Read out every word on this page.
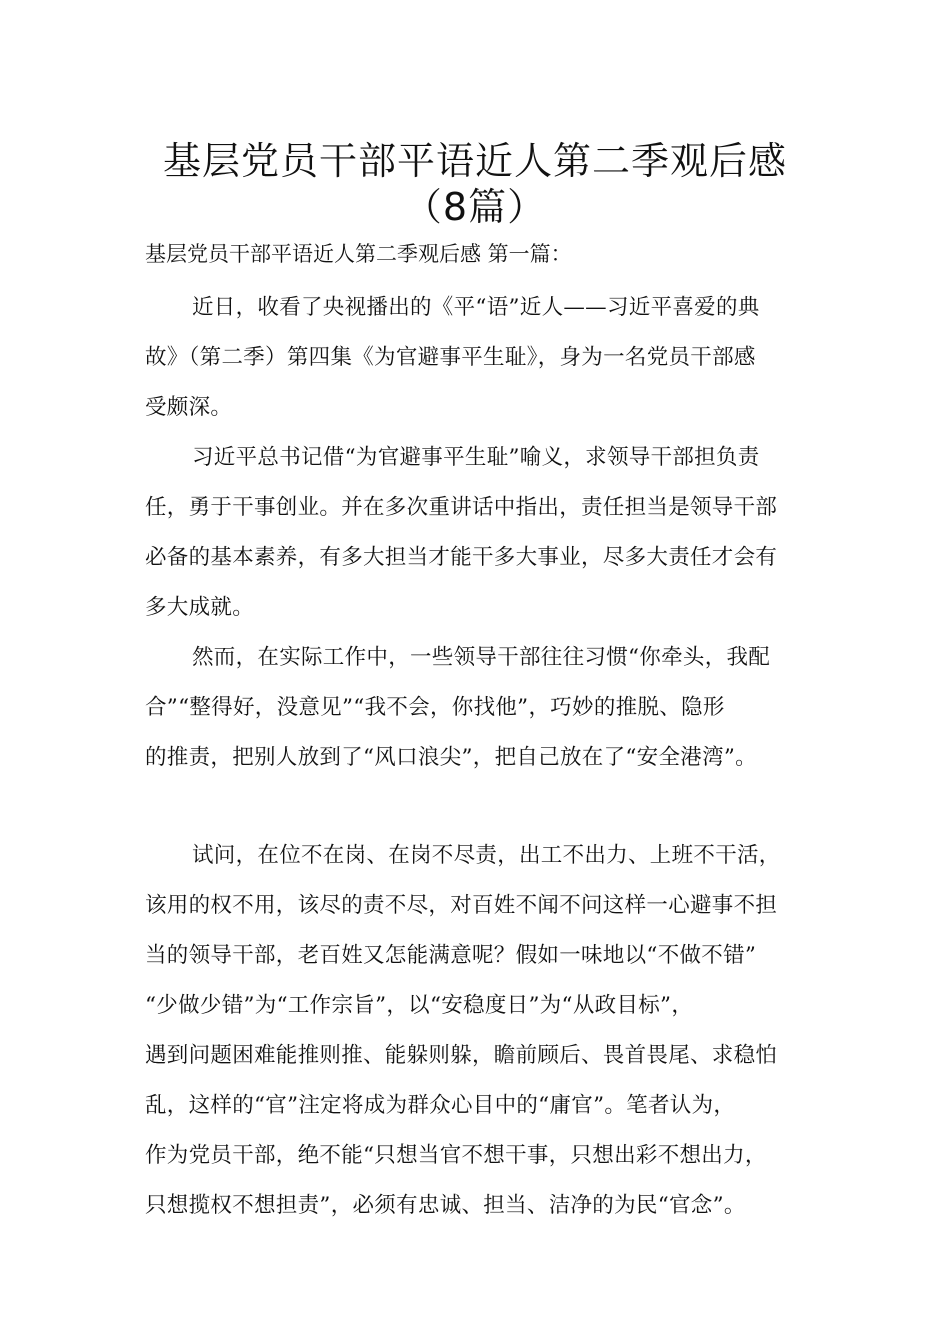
基层党员干部平语近人第二季观后感
（8篇）
基层党员干部平语近人第二季观后感 第一篇：
近日，收看了央视播出的《平“语”近人——习近平喜爱的典
故》（第二季）第四集《为官避事平生耻》，身为一名党员干部感
受颇深。
习近平总书记借“为官避事平生耻”喻义，求领导干部担负责
任，勇于干事创业。并在多次重讲话中指出，责任担当是领导干部
必备的基本素养，有多大担当才能干多大事业，尽多大责任才会有
多大成就。
然而，在实际工作中，一些领导干部往往习惯“你牵头，我配
合”“整得好，没意见”“我不会，你找他”，巧妙的推脱、隐形
的推责，把别人放到了“风口浪尖”，把自己放在了“安全港湾”。
试问，在位不在岗、在岗不尽责，出工不出力、上班不干活，
该用的权不用，该尽的责不尽，对百姓不闻不问这样一心避事不担
当的领导干部，老百姓又怎能满意呢？假如一味地以“不做不错”
“少做少错”为“工作宗旨”，以“安稳度日”为“从政目标”，
遇到问题困难能推则推、能躲则躲，瞻前顾后、畏首畏尾、求稳怕
乱，这样的“官”注定将成为群众心目中的“庸官”。笔者认为，
作为党员干部，绝不能“只想当官不想干事，只想出彩不想出力，
只想揽权不想担责”，必须有忠诚、担当、洁净的为民“官念”。
